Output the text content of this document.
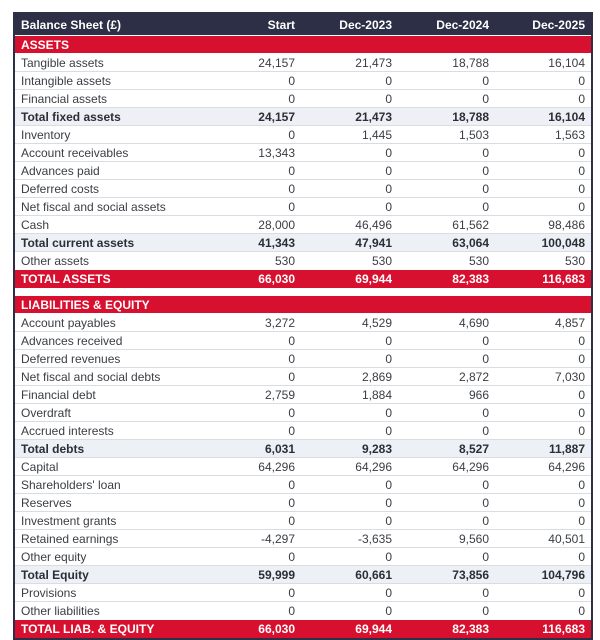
Balance Sheet (£)	Start	Dec-2023	Dec-2024	Dec-2025
ASSETS				
Tangible assets	24,157	21,473	18,788	16,104
Intangible assets	0	0	0	0
Financial assets	0	0	0	0
Total fixed assets	24,157	21,473	18,788	16,104
Inventory	0	1,445	1,503	1,563
Account receivables	13,343	0	0	0
Advances paid	0	0	0	0
Deferred costs	0	0	0	0
Net fiscal and social assets	0	0	0	0
Cash	28,000	46,496	61,562	98,486
Total current assets	41,343	47,941	63,064	100,048
Other assets	530	530	530	530
TOTAL ASSETS	66,030	69,944	82,383	116,683

LIABILITIES & EQUITY				
Account payables	3,272	4,529	4,690	4,857
Advances received	0	0	0	0
Deferred revenues	0	0	0	0
Net fiscal and social debts	0	2,869	2,872	7,030
Financial debt	2,759	1,884	966	0
Overdraft	0	0	0	0
Accrued interests	0	0	0	0
Total debts	6,031	9,283	8,527	11,887
Capital	64,296	64,296	64,296	64,296
Shareholders' loan	0	0	0	0
Reserves	0	0	0	0
Investment grants	0	0	0	0
Retained earnings	-4,297	-3,635	9,560	40,501
Other equity	0	0	0	0
Total Equity	59,999	60,661	73,856	104,796
Provisions	0	0	0	0
Other liabilities	0	0	0	0
TOTAL LIAB. & EQUITY	66,030	69,944	82,383	116,683
